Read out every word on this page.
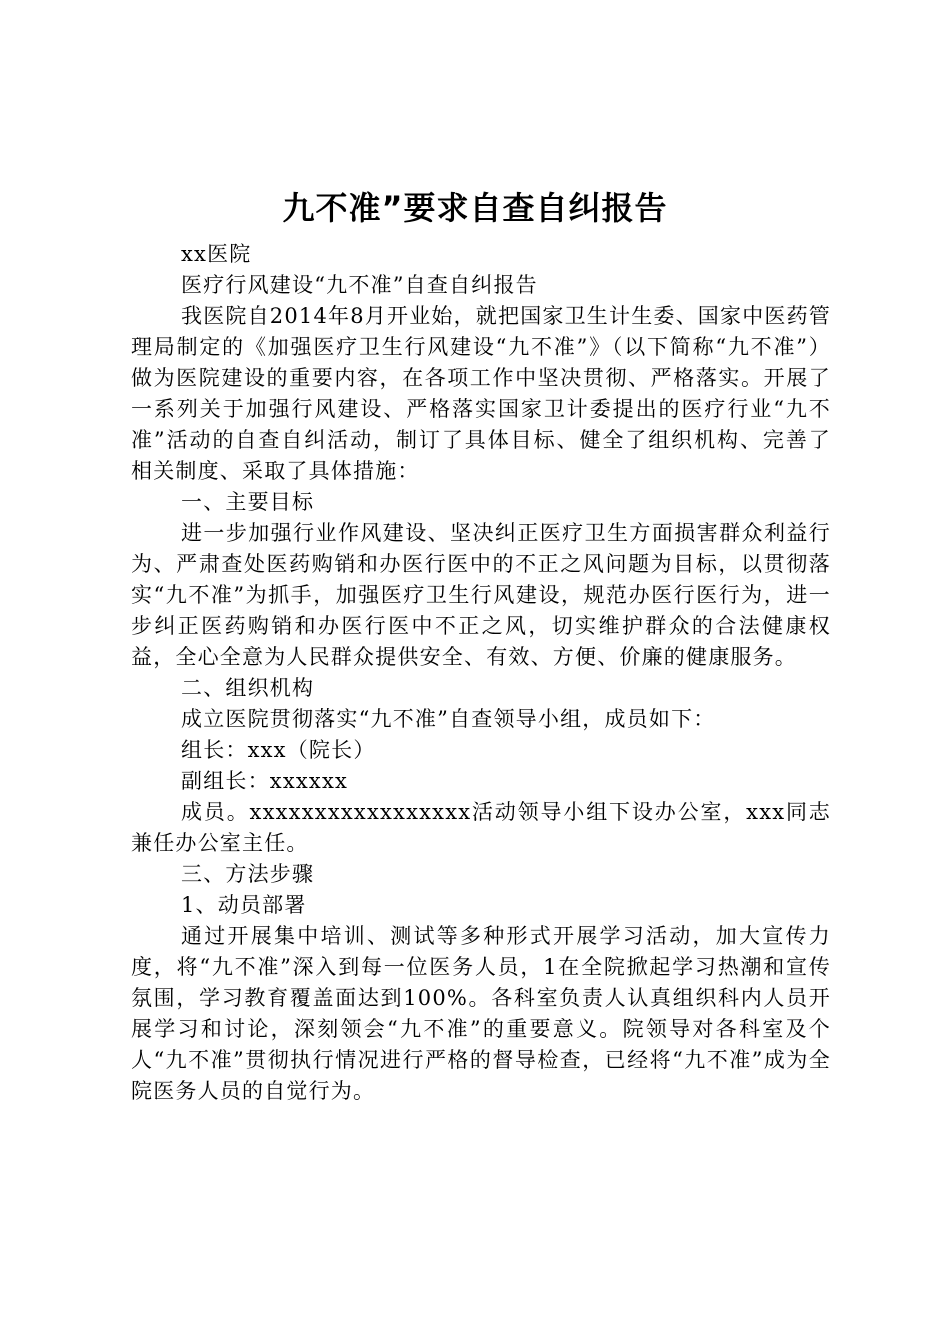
九不准”要求自查自纠报告

xx医院

医疗行风建设“九不准”自查自纠报告

我医院自2014年8月开业始，就把国家卫生计生委、国家中医药管理局制定的《加强医疗卫生行风建设“九不准”》（以下简称“九不准”）做为医院建设的重要内容，在各项工作中坚决贯彻、严格落实。开展了一系列关于加强行风建设、严格落实国家卫计委提出的医疗行业“九不准”活动的自查自纠活动，制订了具体目标、健全了组织机构、完善了相关制度、采取了具体措施：

一、主要目标

进一步加强行业作风建设、坚决纠正医疗卫生方面损害群众利益行为、严肃查处医药购销和办医行医中的不正之风问题为目标，以贯彻落实“九不准”为抓手，加强医疗卫生行风建设，规范办医行医行为，进一步纠正医药购销和办医行医中不正之风，切实维护群众的合法健康权益，全心全意为人民群众提供安全、有效、方便、价廉的健康服务。

二、组织机构

成立医院贯彻落实“九不准”自查领导小组，成员如下：

组长：xxx（院长）

副组长：xxxxxx

成员。xxxxxxxxxxxxxxxxx活动领导小组下设办公室，xxx同志兼任办公室主任。

三、方法步骤

1、动员部署

通过开展集中培训、测试等多种形式开展学习活动，加大宣传力度，将“九不准”深入到每一位医务人员，1在全院掀起学习热潮和宣传氛围，学习教育覆盖面达到100%。各科室负责人认真组织科内人员开展学习和讨论，深刻领会“九不准”的重要意义。院领导对各科室及个人“九不准”贯彻执行情况进行严格的督导检查，已经将“九不准”成为全院医务人员的自觉行为。
